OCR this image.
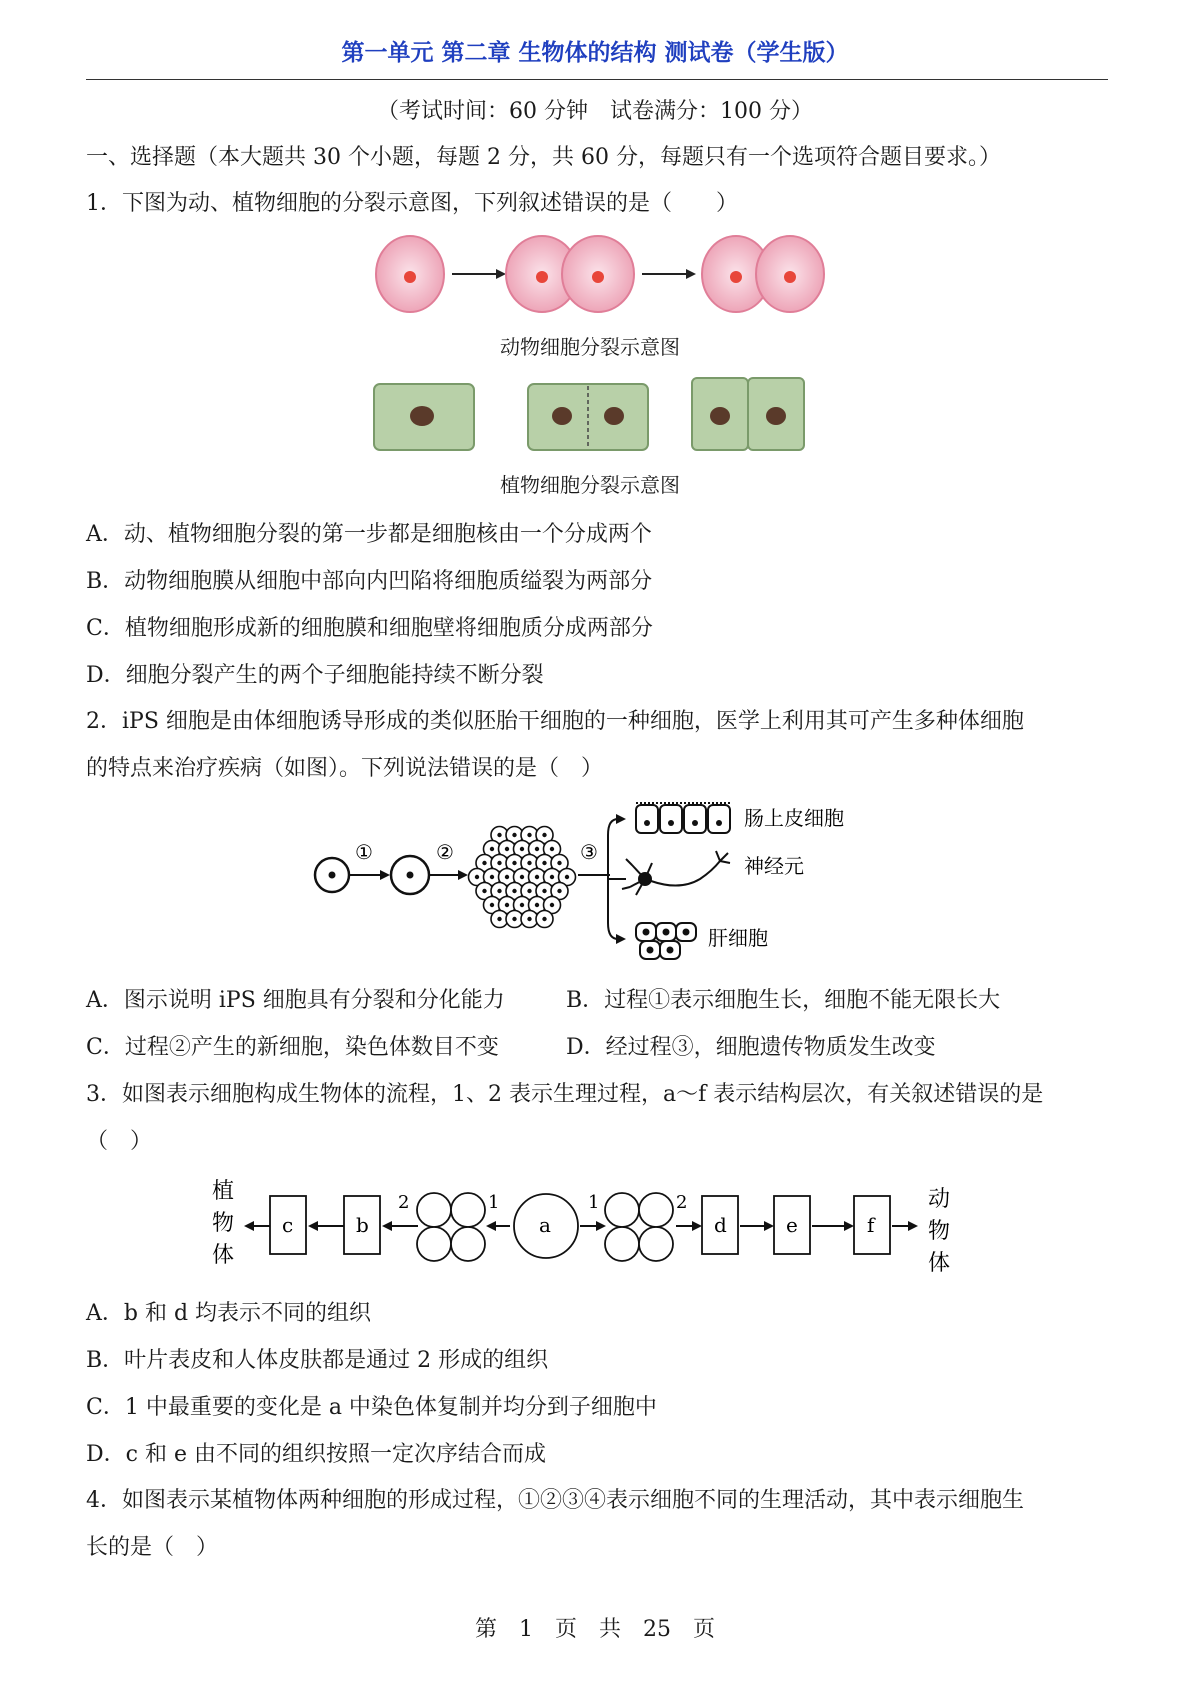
第一单元 第二章 生物体的结构 测试卷（学生版）
（考试时间：60 分钟　试卷满分：100 分）
一、选择题（本大题共 30 个小题，每题 2 分，共 60 分，每题只有一个选项符合题目要求。）
1．下图为动、植物细胞的分裂示意图，下列叙述错误的是（　　）
动物细胞分裂示意图
植物细胞分裂示意图
A．动、植物细胞分裂的第一步都是细胞核由一个分成两个
B．动物细胞膜从细胞中部向内凹陷将细胞质缢裂为两部分
C．植物细胞形成新的细胞膜和细胞壁将细胞质分成两部分
D．细胞分裂产生的两个子细胞能持续不断分裂
2．iPS 细胞是由体细胞诱导形成的类似胚胎干细胞的一种细胞，医学上利用其可产生多种体细胞
的特点来治疗疾病（如图）。下列说法错误的是（　）
①	②	③
肠上皮细胞
神经元
肝细胞
A．图示说明 iPS 细胞具有分裂和分化能力	B．过程①表示细胞生长，细胞不能无限长大
C．过程②产生的新细胞，染色体数目不变	D．经过程③，细胞遗传物质发生改变
3．如图表示细胞构成生物体的流程，1、2 表示生理过程，a～f 表示结构层次，有关叙述错误的是
（　）
植
物
体
c	b
2	1
a
1	2
d	e	f
动
物
体
A．b 和 d 均表示不同的组织
B．叶片表皮和人体皮肤都是通过 2 形成的组织
C．1 中最重要的变化是 a 中染色体复制并均分到子细胞中
D．c 和 e 由不同的组织按照一定次序结合而成
4．如图表示某植物体两种细胞的形成过程，①②③④表示细胞不同的生理活动，其中表示细胞生
长的是（　）
第　1　页　共　25　页
